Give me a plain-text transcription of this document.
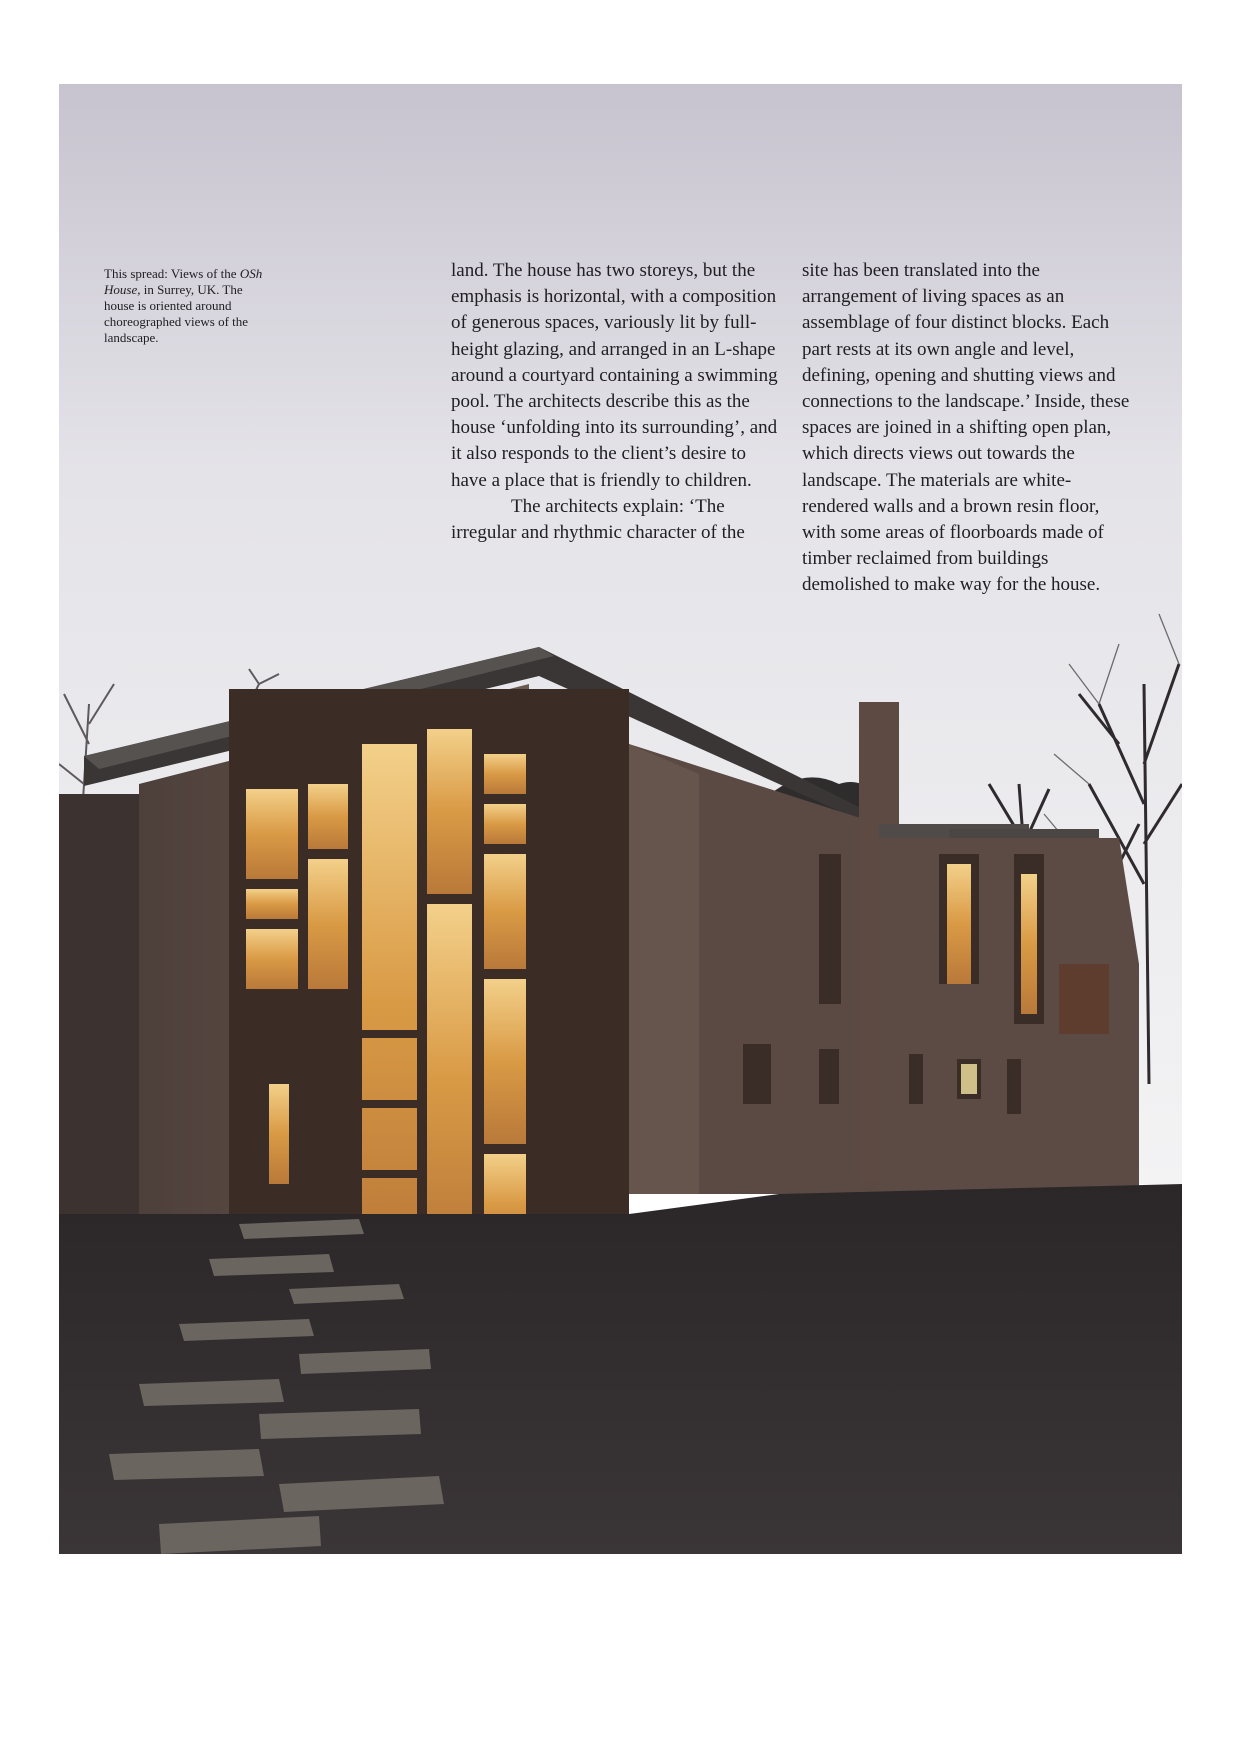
This spread: Views of the OSh House, in Surrey, UK. The house is oriented around choreographed views of the landscape.

land. The house has two storeys, but the emphasis is horizontal, with a composition of generous spaces, variously lit by full-height glazing, and arranged in an L-shape around a courtyard containing a swimming pool. The architects describe this as the house ‘unfolding into its surrounding’, and it also responds to the client’s desire to have a place that is friendly to children.

The architects explain: ‘The irregular and rhythmic character of the

site has been translated into the arrangement of living spaces as an assemblage of four distinct blocks. Each part rests at its own angle and level, defining, opening and shutting views and connections to the landscape.’ Inside, these spaces are joined in a shifting open plan, which directs views out towards the landscape. The materials are white-rendered walls and a brown resin floor, with some areas of floorboards made of timber reclaimed from buildings demolished to make way for the house.
